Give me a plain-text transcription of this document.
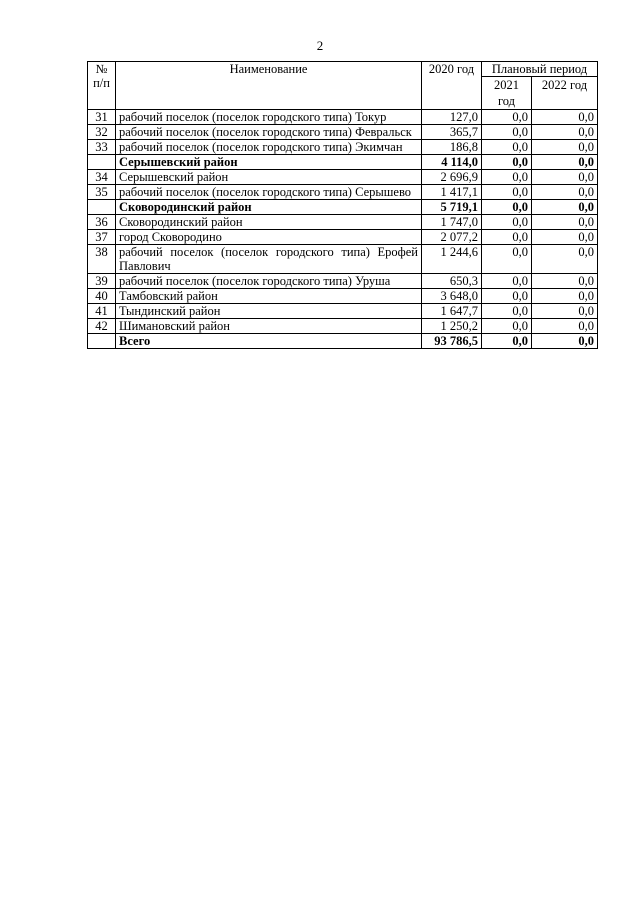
2
№ п/п	Наименование	2020 год	Плановый период	
			2021 год	2022 год
31	рабочий поселок (поселок городского типа) Токур	127,0	0,0	0,0
32	рабочий поселок (поселок городского типа) Февральск	365,7	0,0	0,0
33	рабочий поселок (поселок городского типа) Экимчан	186,8	0,0	0,0
	Серышевский район	4 114,0	0,0	0,0
34	Серышевский район	2 696,9	0,0	0,0
35	рабочий поселок (поселок городского типа) Серышево	1 417,1	0,0	0,0
	Сковородинский район	5 719,1	0,0	0,0
36	Сковородинский район	1 747,0	0,0	0,0
37	город Сковородино	2 077,2	0,0	0,0
38	рабочий поселок (поселок городского типа) Ерофей Павлович	1 244,6	0,0	0,0
39	рабочий поселок (поселок городского типа) Уруша	650,3	0,0	0,0
40	Тамбовский район	3 648,0	0,0	0,0
41	Тындинский район	1 647,7	0,0	0,0
42	Шимановский район	1 250,2	0,0	0,0
	Всего	93 786,5	0,0	0,0
